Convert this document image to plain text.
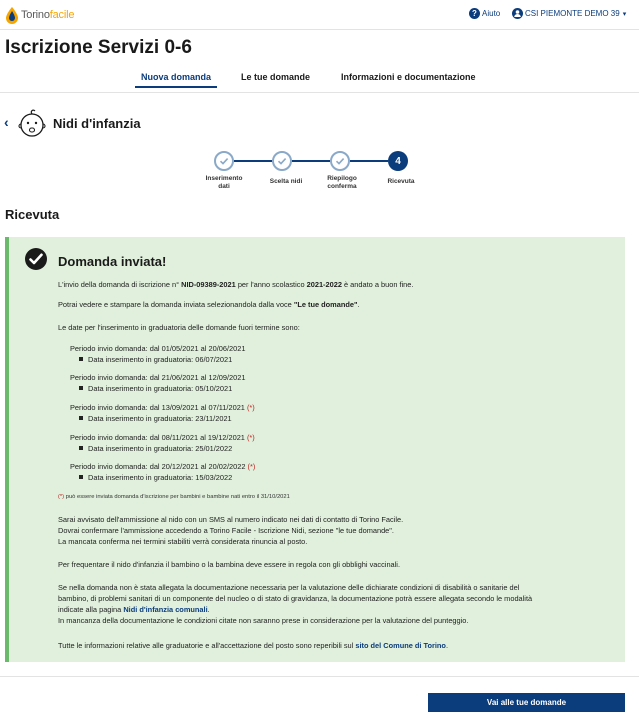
Torinofacile	? Aiuto	CSI PIEMONTE DEMO 39 ▾
Iscrizione Servizi 0-6
Nuova domanda	Le tue domande	Informazioni e documentazione
‹	Nidi d'infanzia
4
Inserimento
dati
Scelta nidi	Riepilogo
conferma
Ricevuta
Ricevuta
Domanda inviata!
L'invio della domanda di iscrizione n° NID-09389-2021 per l'anno scolastico 2021-2022 è andato a buon fine.
Potrai vedere e stampare la domanda inviata selezionandola dalla voce "Le tue domande".
Le date per l'inserimento in graduatoria delle domande fuori termine sono:
Periodo invio domanda: dal 01/05/2021 al 20/06/2021
Data inserimento in graduatoria: 06/07/2021
Periodo invio domanda: dal 21/06/2021 al 12/09/2021
Data inserimento in graduatoria: 05/10/2021
Periodo invio domanda: dal 13/09/2021 al 07/11/2021 (*)
Data inserimento in graduatoria: 23/11/2021
Periodo invio domanda: dal 08/11/2021 al 19/12/2021 (*)
Data inserimento in graduatoria: 25/01/2022
Periodo invio domanda: dal 20/12/2021 al 20/02/2022 (*)
Data inserimento in graduatoria: 15/03/2022
(*) può essere inviata domanda d'iscrizione per bambini e bambine nati entro il 31/10/2021
Sarai avvisato dell'ammissione al nido con un SMS al numero indicato nei dati di contatto di Torino Facile.
Dovrai confermare l'ammissione accedendo a Torino Facile - Iscrizione Nidi, sezione "le tue domande".
La mancata conferma nei termini stabiliti verrà considerata rinuncia al posto.
Per frequentare il nido d'infanzia il bambino o la bambina deve essere in regola con gli obblighi vaccinali.
Se nella domanda non è stata allegata la documentazione necessaria per la valutazione delle dichiarate condizioni di disabilità o sanitarie del
bambino, di problemi sanitari di un componente del nucleo o di stato di gravidanza, la documentazione potrà essere allegata secondo le modalità
indicate alla pagina Nidi d'infanzia comunali.
In mancanza della documentazione le condizioni citate non saranno prese in considerazione per la valutazione del punteggio.
Tutte le informazioni relative alle graduatorie e all'accettazione del posto sono reperibili sul sito del Comune di Torino.
Vai alle tue domande
